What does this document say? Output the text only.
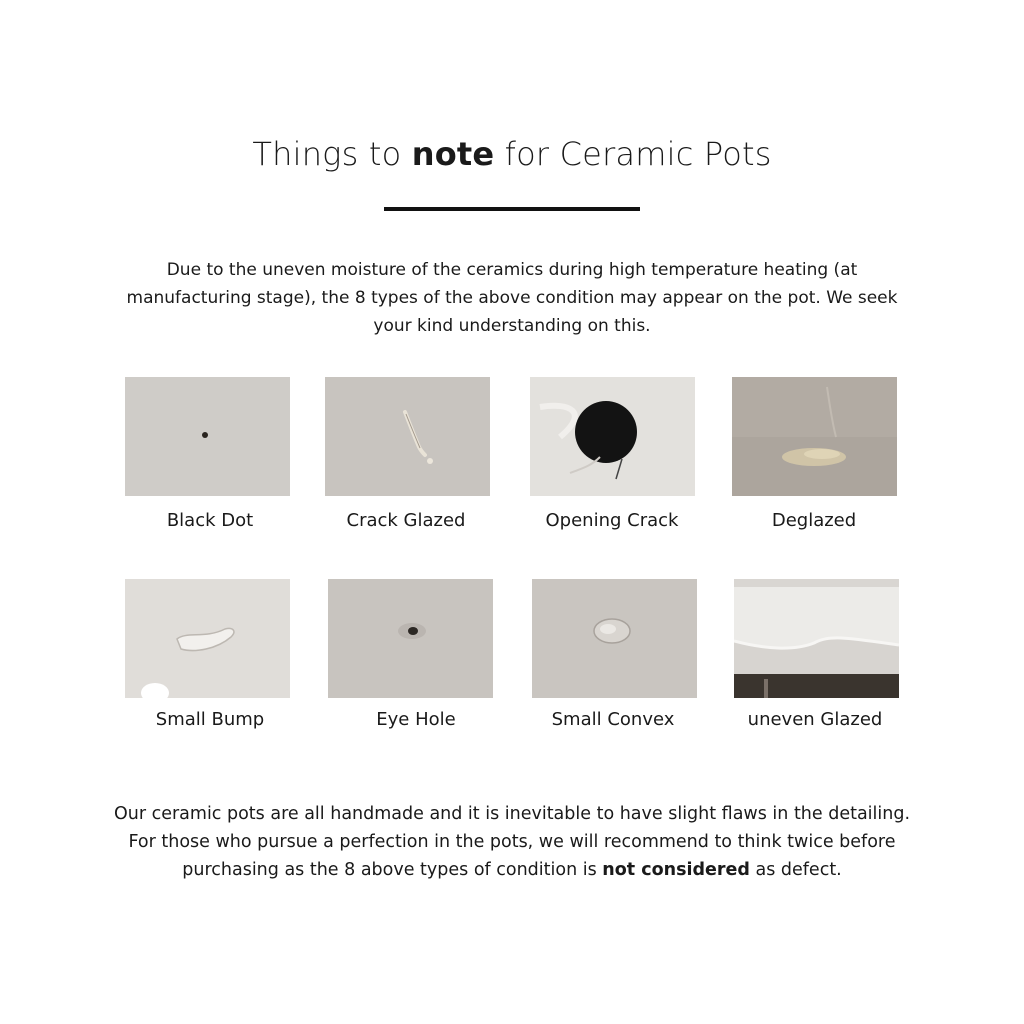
Things to note for Ceramic Pots
Due to the uneven moisture of the ceramics during high temperature heating (at manufacturing stage), the 8 types of the above condition may appear on the pot. We seek your kind understanding on this.
Black Dot	Crack Glazed	Opening Crack	Deglazed
Small Bump	Eye Hole	Small Convex	uneven Glazed
Our ceramic pots are all handmade and it is inevitable to have slight flaws in the detailing. For those who pursue a perfection in the pots, we will recommend to think twice before purchasing as the 8 above types of condition is not considered as defect.
